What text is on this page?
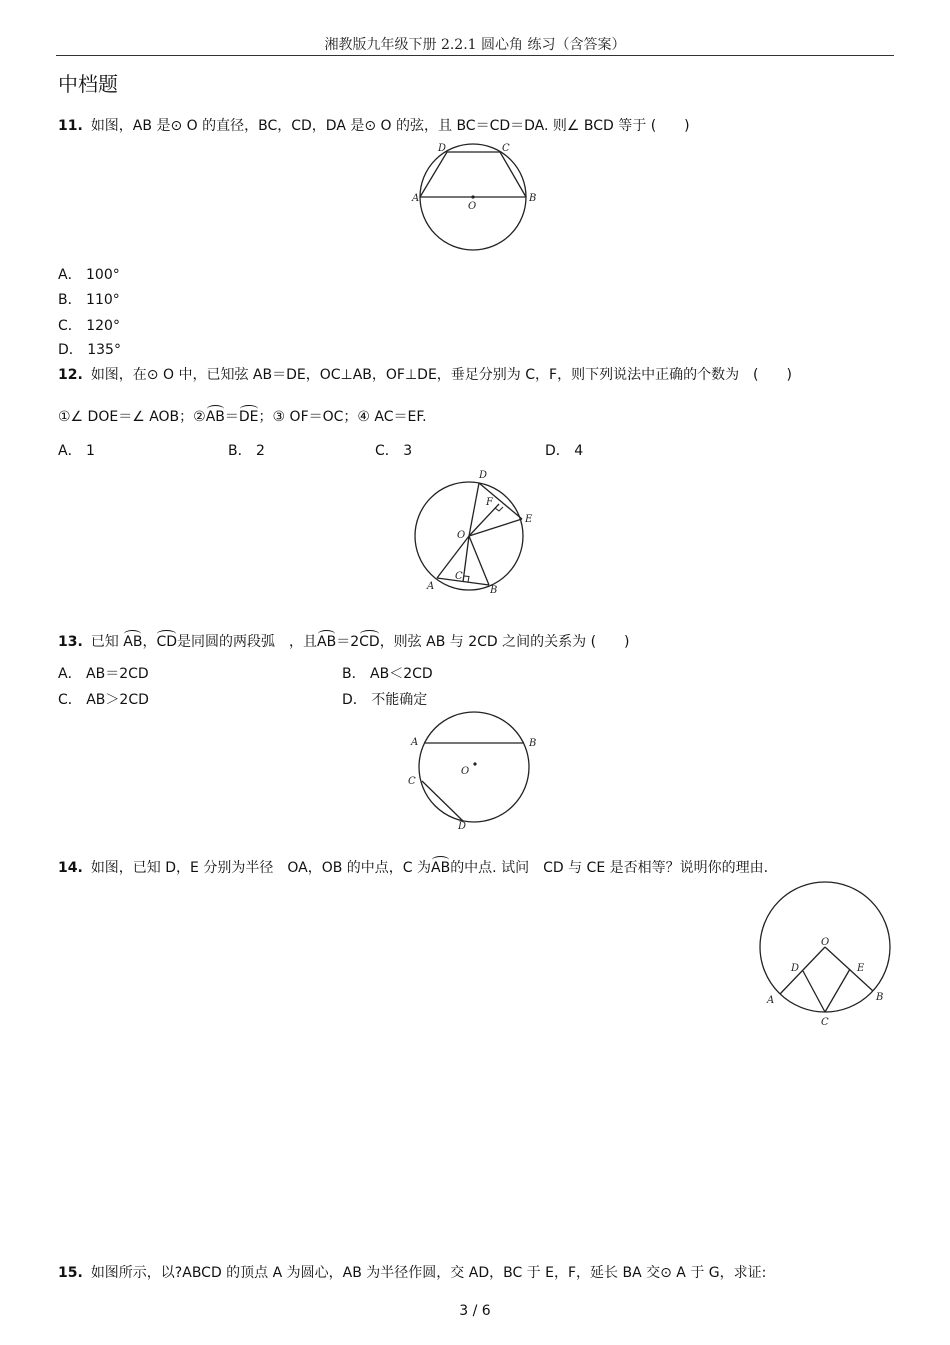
湘教版九年级下册 2.2.1 圆心角 练习（含答案）
中档题
11. 如图，AB 是⊙ O 的直径，BC，CD，DA 是⊙ O 的弦，且 BC＝CD＝DA. 则∠ BCD 等于 (　　)
A	B
C
D
O
A． 100°
B． 110°
C． 120°
D． 135°
12. 如图，在⊙ O 中，已知弦 AB＝DE，OC⊥AB，OF⊥DE，垂足分别为 C，F，则下列说法中正确的个数为　(　　)
①∠ DOE＝∠ AOB；②AB＝DE；③ OF＝OC；④ AC＝EF.
A． 1	B． 2	C． 3	D． 4
D
F
E
O
C
A	B
13. 已知 AB，CD是同圆的两段弧　，且AB＝2CD，则弦 AB 与 2CD 之间的关系为 (　　)
A． AB＝2CD	B． AB＜2CD
C． AB＞2CD	D． 不能确定
A	B
O
C
D
14. 如图，已知 D，E 分别为半径　OA，OB 的中点，C 为AB的中点. 试问　CD 与 CE 是否相等？说明你的理由.
O
D	E
A	B
C
15. 如图所示，以?ABCD 的顶点 A 为圆心，AB 为半径作圆，交 AD，BC 于 E，F，延长 BA 交⊙ A 于 G，求证:
3 / 6
